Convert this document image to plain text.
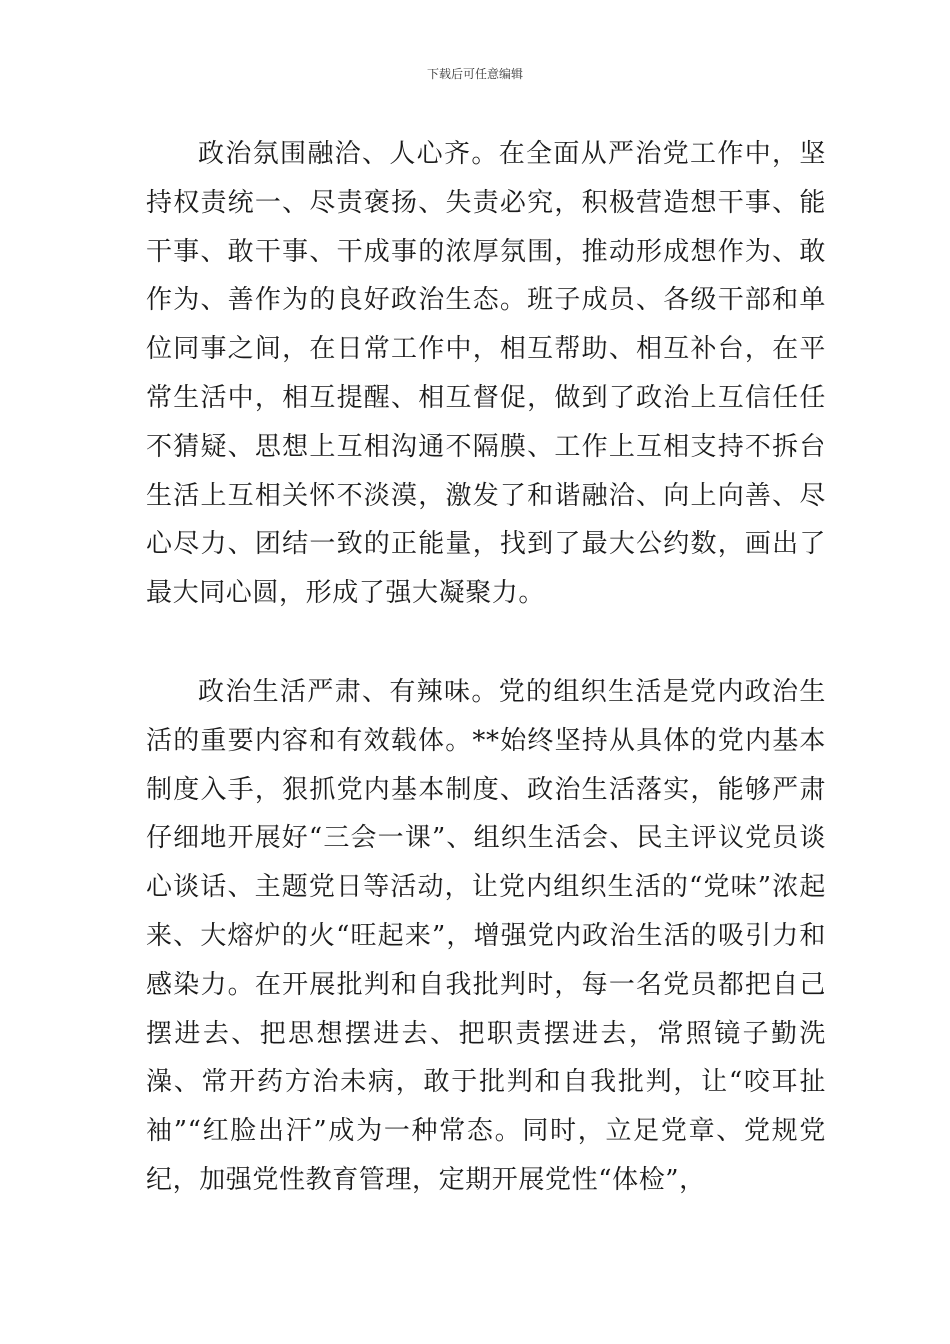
下载后可任意编辑

政治氛围融洽、人心齐。在全面从严治党工作中，坚持权责统一、尽责褒扬、失责必究，积极营造想干事、能干事、敢干事、干成事的浓厚氛围，推动形成想作为、敢作为、善作为的良好政治生态。班子成员、各级干部和单位同事之间，在日常工作中，相互帮助、相互补台，在平常生活中，相互提醒、相互督促，做到了政治上互信任任不猜疑、思想上互相沟通不隔膜、工作上互相支持不拆台生活上互相关怀不淡漠，激发了和谐融洽、向上向善、尽心尽力、团结一致的正能量，找到了最大公约数，画出了最大同心圆，形成了强大凝聚力。

政治生活严肃、有辣味。党的组织生活是党内政治生活的重要内容和有效载体。**始终坚持从具体的党内基本制度入手，狠抓党内基本制度、政治生活落实，能够严肃仔细地开展好“三会一课”、组织生活会、民主评议党员谈心谈话、主题党日等活动，让党内组织生活的“党味”浓起来、大熔炉的火“旺起来”，增强党内政治生活的吸引力和感染力。在开展批判和自我批判时，每一名党员都把自己摆进去、把思想摆进去、把职责摆进去，常照镜子勤洗澡、常开药方治未病，敢于批判和自我批判，让“咬耳扯袖”“红脸出汗”成为一种常态。同时，立足党章、党规党纪，加强党性教育管理，定期开展党性“体检”，
